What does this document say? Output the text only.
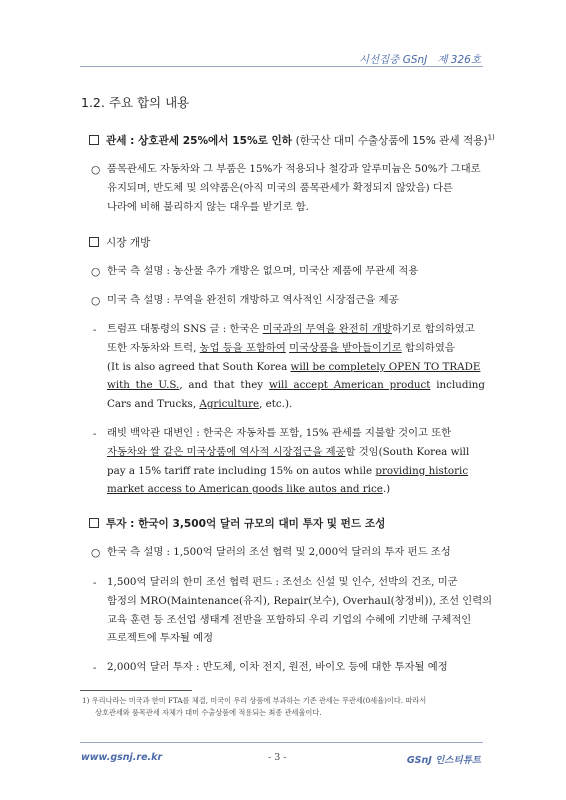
시선집중 GSnJ 제 326호
1.2. 주요 합의 내용
관세 : 상호관세 25%에서 15%로 인하 (한국산 대미 수출상품에 15% 관세 적용)$^{1)}$
○ 품목관세도 자동차와 그 부품은 15%가 적용되나 철강과 알루미늄은 50%가 그대로
유지되며, 반도체 및 의약품은(아직 미국의 품목관세가 확정되지 않았음) 다른
나라에 비해 불리하지 않는 대우를 받기로 함.
시장 개방
○ 한국 측 설명 : 농산물 추가 개방은 없으며, 미국산 제품에 무관세 적용
○ 미국 측 설명 : 무역을 완전히 개방하고 역사적인 시장접근을 제공
- 트럼프 대통령의 SNS 글 : 한국은 미국과의 무역을 완전히 개방하기로 합의하였고
또한 자동차와 트럭, 농업 등을 포함하여 미국상품을 받아들이기로 합의하였음
(It is also agreed that South Korea will be completely OPEN TO TRADE
with the U.S., and that they will accept American product including
Cars and Trucks, Agriculture, etc.).
- 래빗 백악관 대변인 : 한국은 자동차를 포함, 15% 관세를 지불할 것이고 또한
자동차와 쌀 같은 미국상품에 역사적 시장접근을 제공할 것임(South Korea will
pay a 15% tariff rate including 15% on autos while providing historic
market access to American goods like autos and rice.)
투자 : 한국이 3,500억 달러 규모의 대미 투자 및 펀드 조성
○ 한국 측 설명 : 1,500억 달러의 조선 협력 및 2,000억 달러의 투자 펀드 조성
- 1,500억 달러의 한미 조선 협력 펀드 : 조선소 신설 및 인수, 선박의 건조, 미군
함정의 MRO(Maintenance(유지), Repair(보수), Overhaul(창정비)), 조선 인력의
교육 훈련 등 조선업 생태계 전반을 포함하되 우리 기업의 수혜에 기반해 구체적인
프로젝트에 투자될 예정
- 2,000억 달러 투자 : 반도체, 이차 전지, 원전, 바이오 등에 대한 투자될 예정
1) 우리나라는 미국과 한미 FTA를 체결, 미국이 우리 상품에 부과하는 기존 관세는 무관세(0세율)이다. 따라서
상호관세와 품목관세 자체가 대미 수출상품에 적용되는 최종 관세율이다.
www.gsnj.re.kr	- 3 -	GSnJ 인스티튜트
